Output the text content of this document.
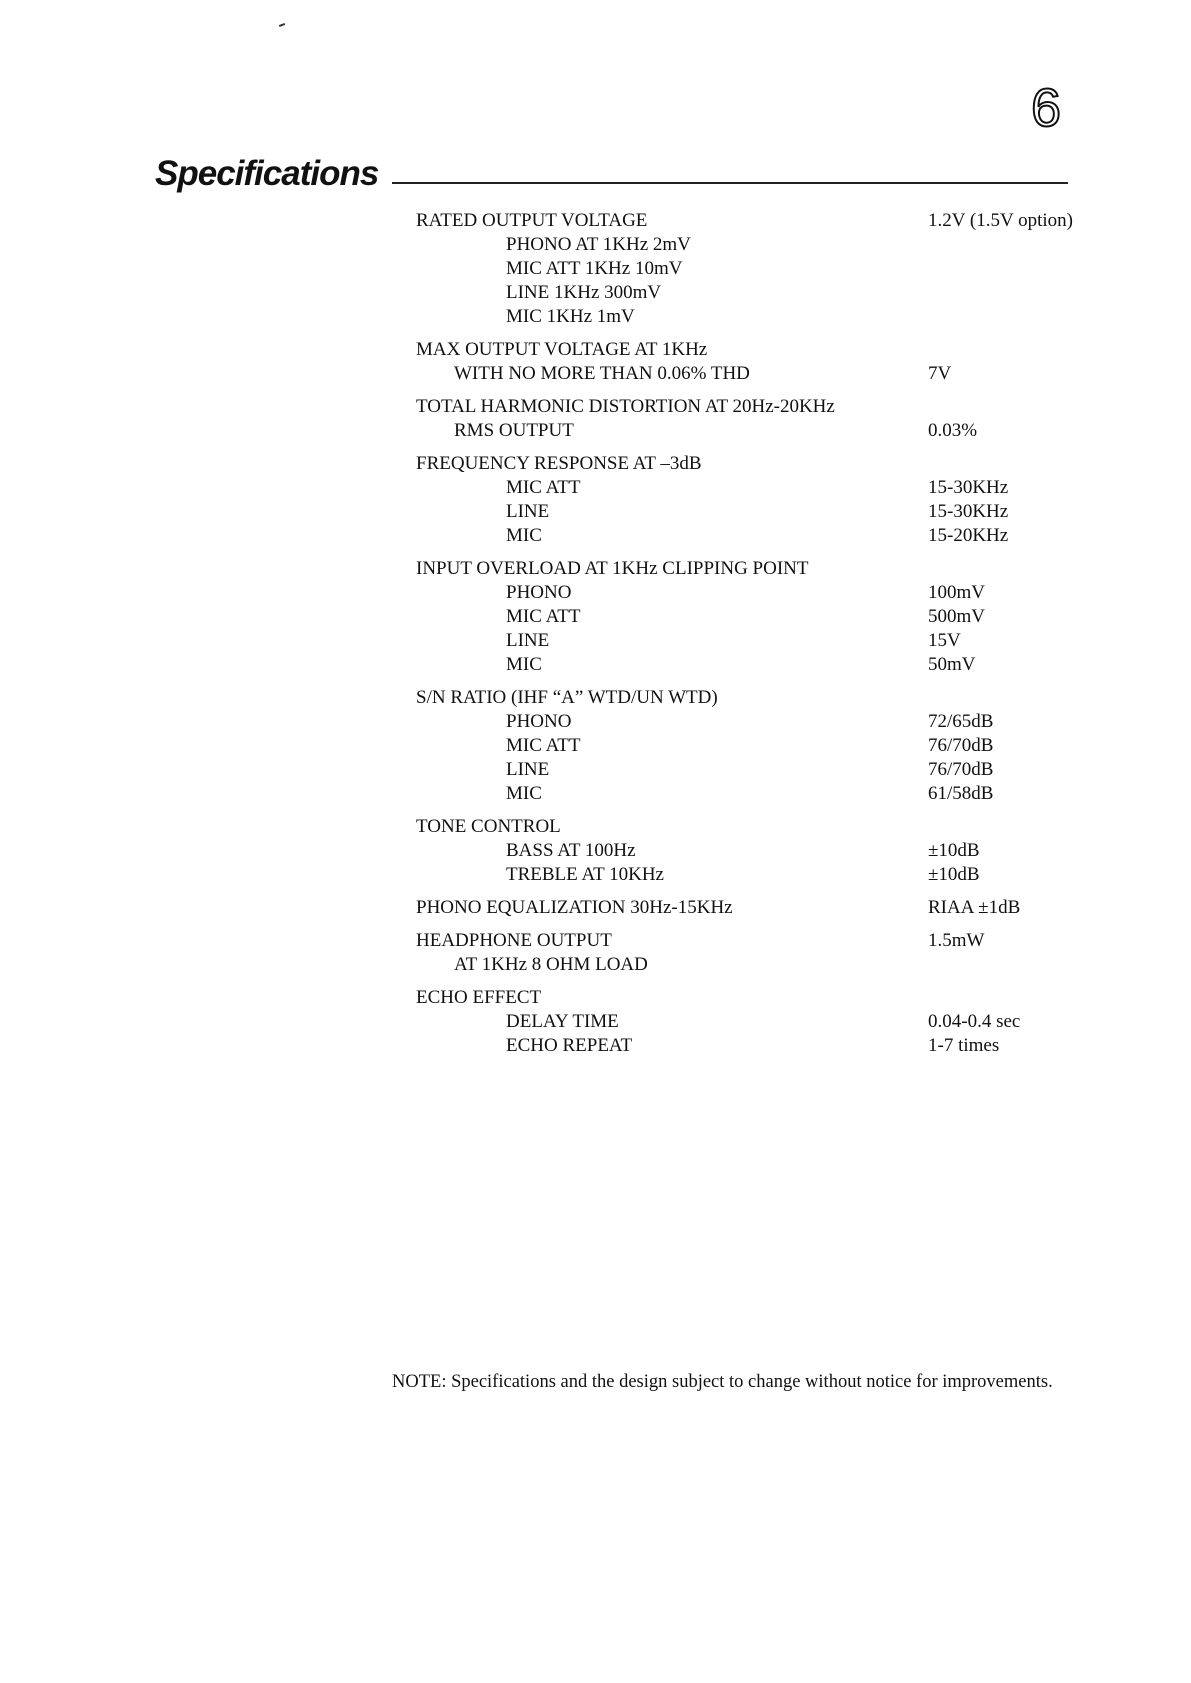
6
Specifications
RATED OUTPUT VOLTAGE	1.2V (1.5V option)
PHONO AT 1KHz 2mV
MIC ATT 1KHz 10mV
LINE 1KHz 300mV
MIC 1KHz 1mV
MAX OUTPUT VOLTAGE AT 1KHz
WITH NO MORE THAN 0.06% THD	7V
TOTAL HARMONIC DISTORTION AT 20Hz-20KHz
RMS OUTPUT	0.03%
FREQUENCY RESPONSE AT –3dB
MIC ATT	15-30KHz
LINE	15-30KHz
MIC	15-20KHz
INPUT OVERLOAD AT 1KHz CLIPPING POINT
PHONO	100mV
MIC ATT	500mV
LINE	15V
MIC	50mV
S/N RATIO (IHF “A” WTD/UN WTD)
PHONO	72/65dB
MIC ATT	76/70dB
LINE	76/70dB
MIC	61/58dB
TONE CONTROL
BASS AT 100Hz	±10dB
TREBLE AT 10KHz	±10dB
PHONO EQUALIZATION 30Hz-15KHz	RIAA ±1dB
HEADPHONE OUTPUT	1.5mW
AT 1KHz 8 OHM LOAD
ECHO EFFECT
DELAY TIME	0.04-0.4 sec
ECHO REPEAT	1-7 times
NOTE: Specifications and the design subject to change without notice for improvements.
